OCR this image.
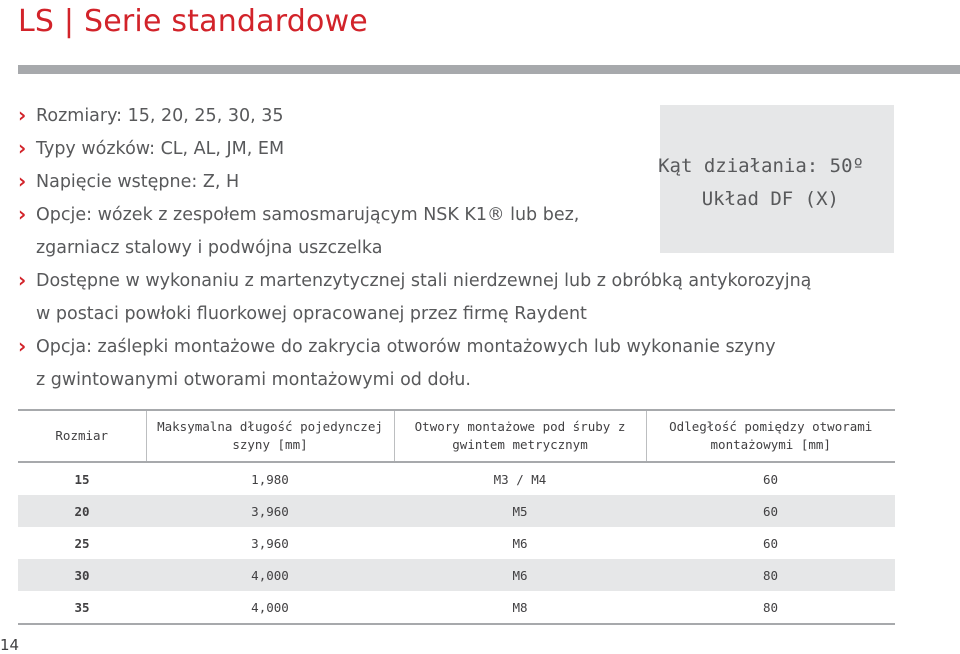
LS | Serie standardowe
› Rozmiary: 15, 20, 25, 30, 35
› Typy wózków: CL, AL, JM, EM
› Napięcie wstępne: Z, H
› Opcje: wózek z zespołem samosmarującym NSK K1® lub bez,
zgarniacz stalowy i podwójna uszczelka
› Dostępne w wykonaniu z martenzytycznej stali nierdzewnej lub z obróbką antykorozyjną
w postaci powłoki fluorkowej opracowanej przez firmę Raydent
› Opcja: zaślepki montażowe do zakrycia otworów montażowych lub wykonanie szyny
z gwintowanymi otworami montażowymi od dołu.
Kąt działania: 50º
Układ DF (X)
Rozmiar	Maksymalna długość pojedynczej szyny [mm]	Otwory montażowe pod śruby z gwintem metrycznym	Odległość pomiędzy otworami montażowymi [mm]
15	1,980	M3 / M4	60
20	3,960	M5	60
25	3,960	M6	60
30	4,000	M6	80
35	4,000	M8	80
14
